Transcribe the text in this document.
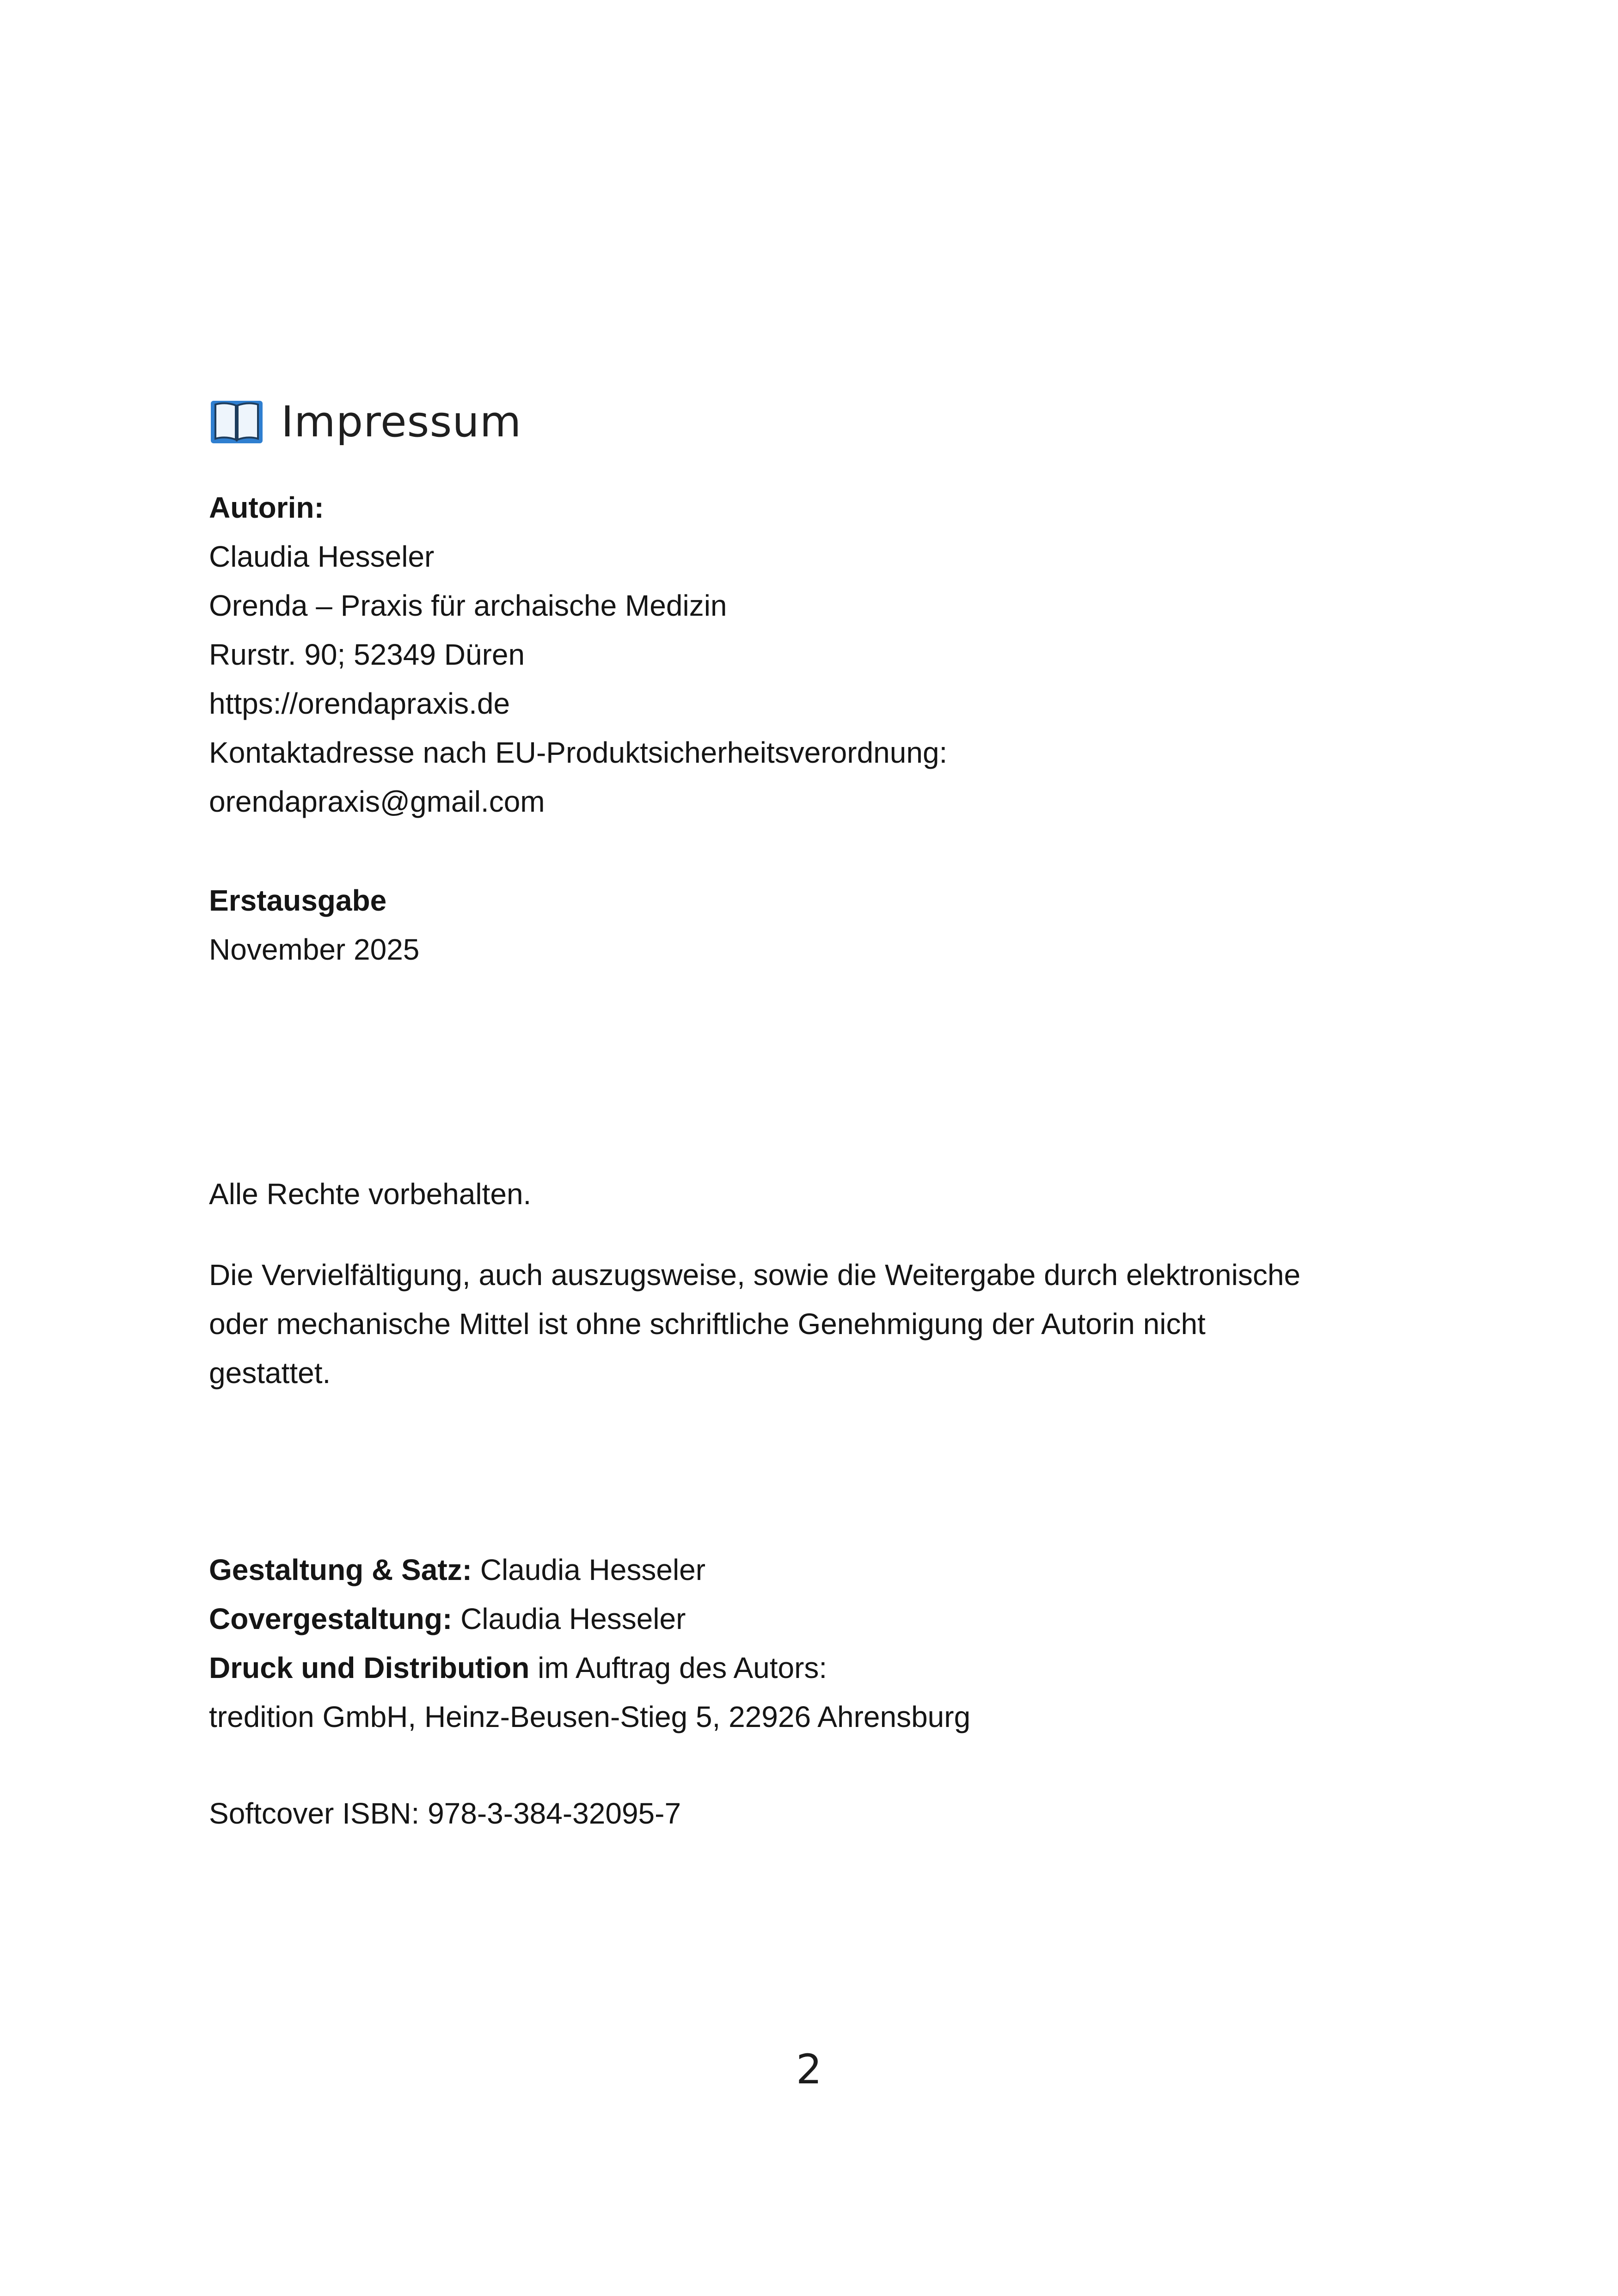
Impressum
Autorin:
Claudia Hesseler
Orenda – Praxis für archaische Medizin
Rurstr. 90; 52349 Düren
https://orendapraxis.de
Kontaktadresse nach EU-Produktsicherheitsverordnung:
orendapraxis@gmail.com
Erstausgabe
November 2025
Alle Rechte vorbehalten.
Die Vervielfältigung, auch auszugsweise, sowie die Weitergabe durch elektronische
oder mechanische Mittel ist ohne schriftliche Genehmigung der Autorin nicht
gestattet.
Gestaltung & Satz: Claudia Hesseler
Covergestaltung: Claudia Hesseler
Druck und Distribution im Auftrag des Autors:
tredition GmbH, Heinz-Beusen-Stieg 5, 22926 Ahrensburg
Softcover ISBN: 978-3-384-32095-7
2
